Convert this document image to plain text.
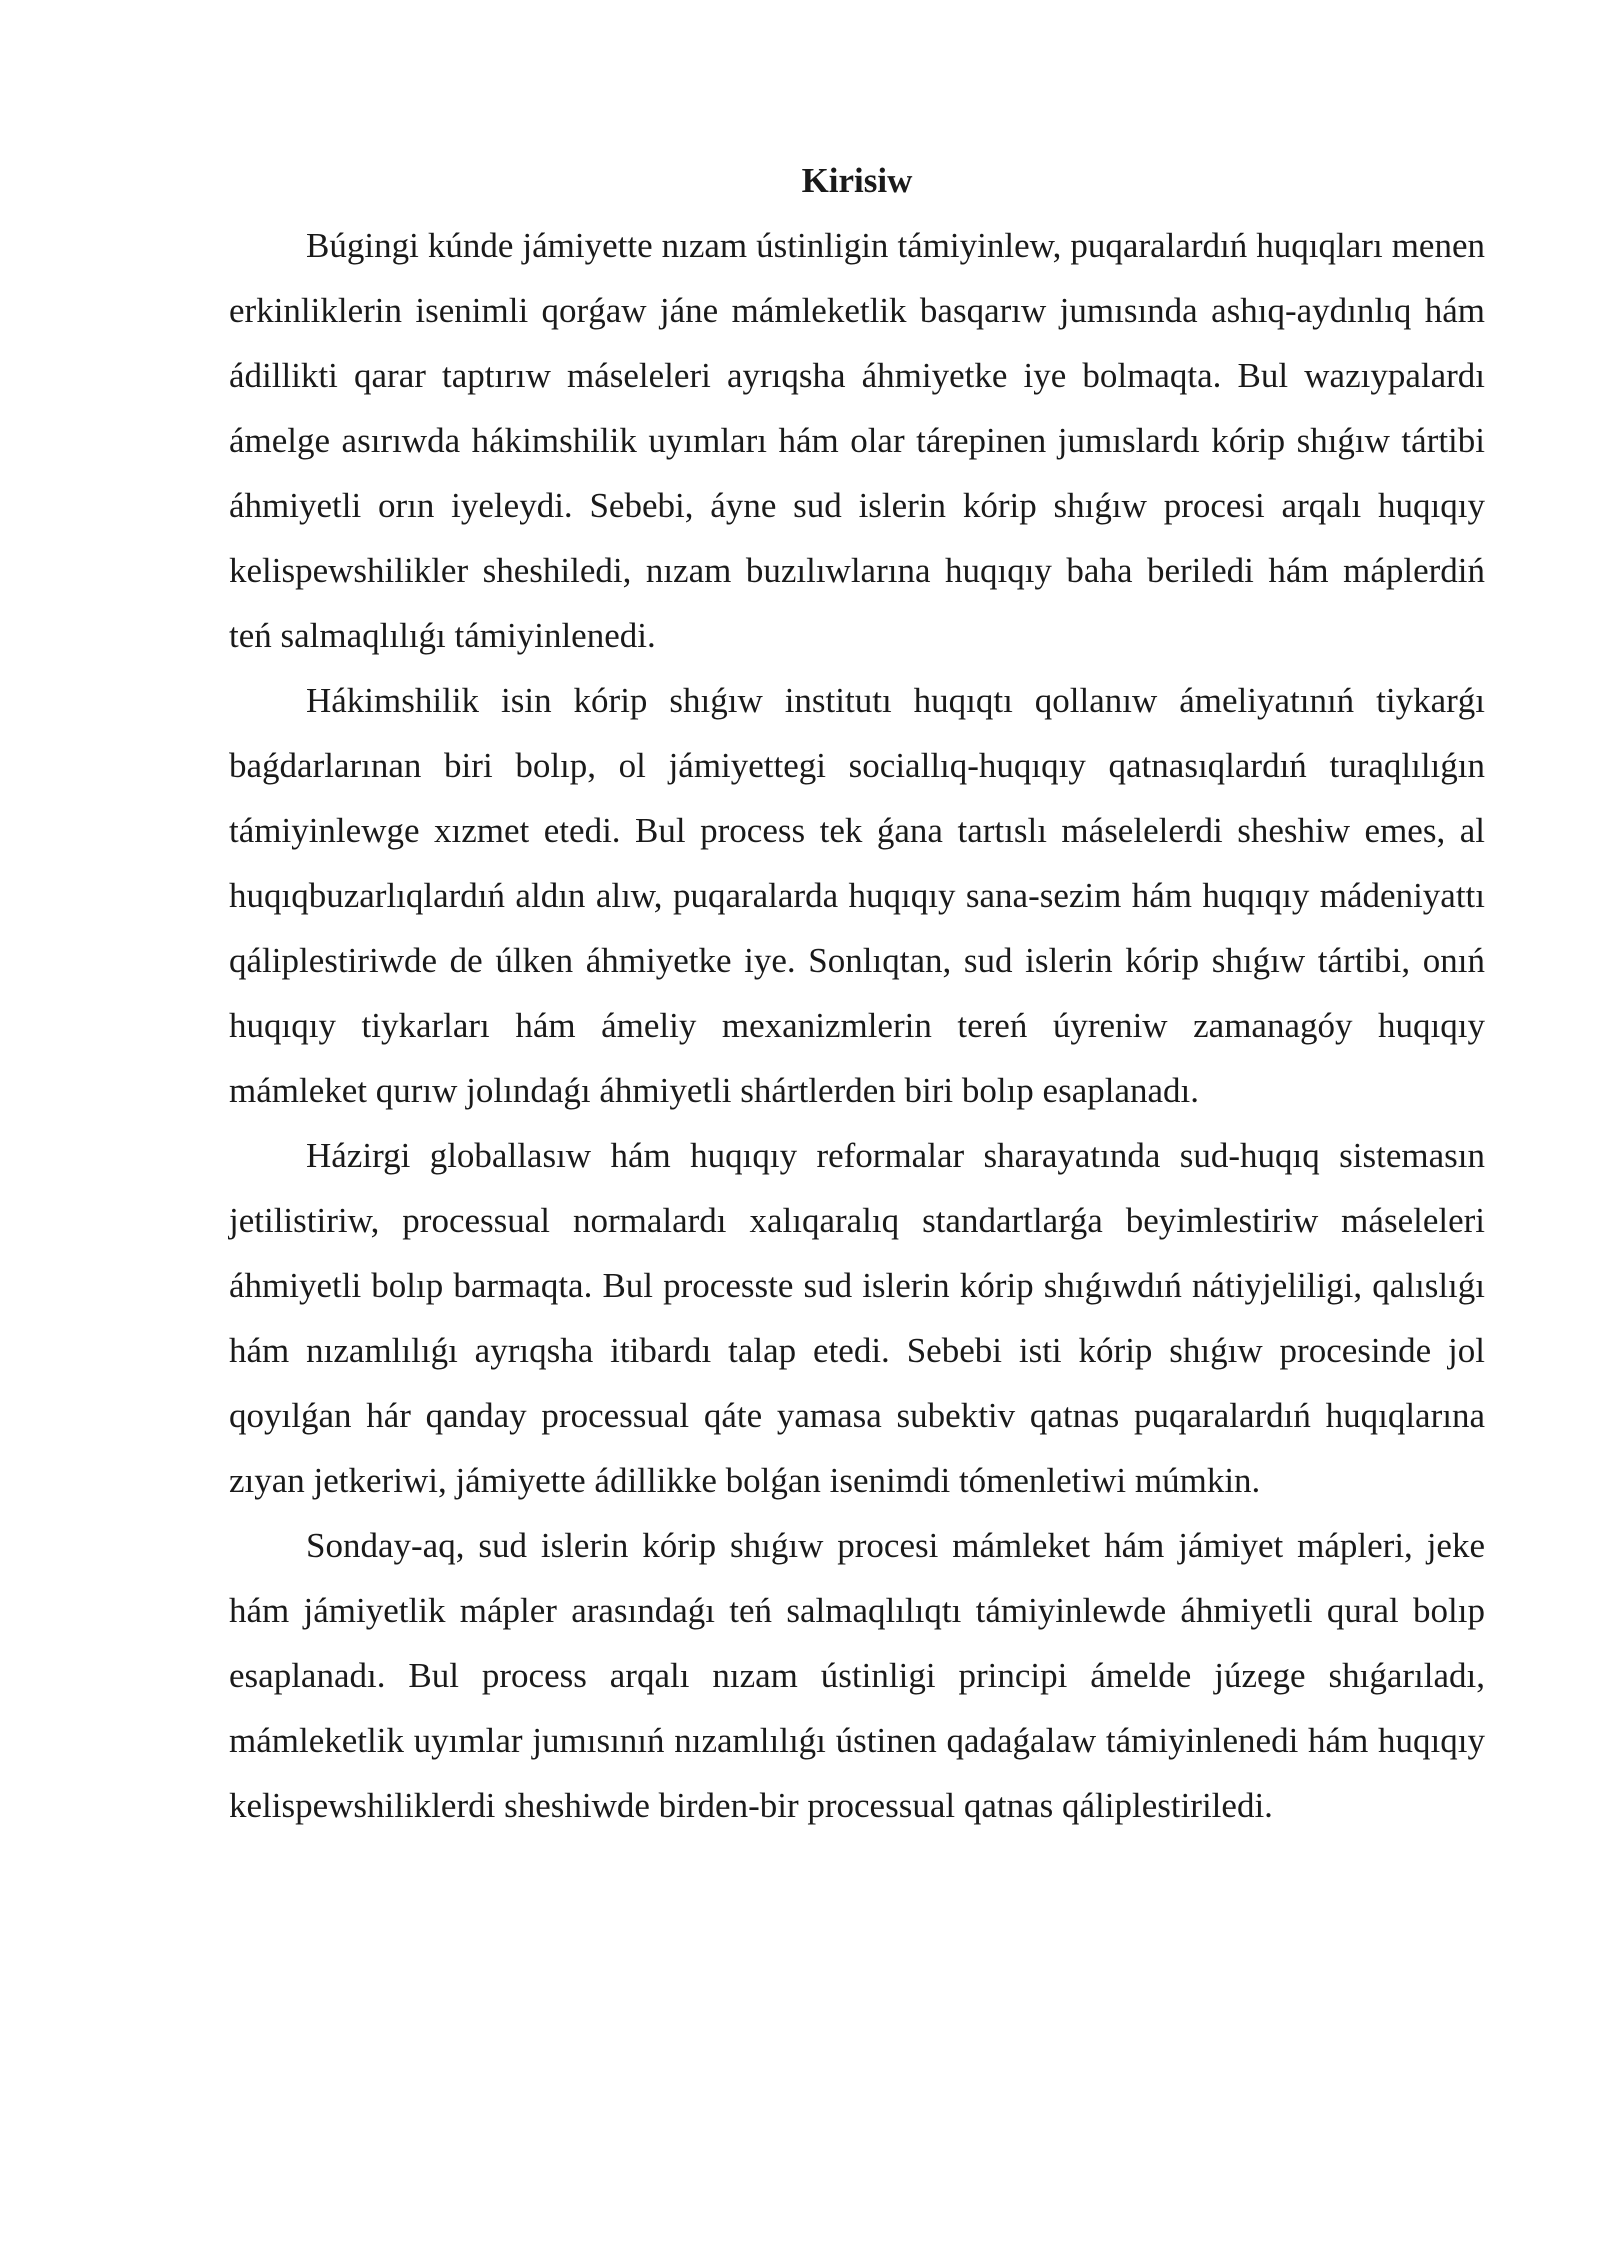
Kirisiw

Búgingi kúnde jámiyette nızam ústinligin támiyinlew, puqaralardıń huqıqları menen erkinliklerin isenimli qorǵaw jáne mámleketlik basqarıw jumısında ashıq-aydınlıq hám ádillikti qarar taptırıw máseleleri ayrıqsha áhmiyetke iye bolmaqta. Bul wazıypalardı ámelge asırıwda hákimshilik uyımları hám olar tárepinen jumıslardı kórip shıǵıw tártibi áhmiyetli orın iyeleydi. Sebebi, áyne sud islerin kórip shıǵıw procesi arqalı huqıqıy kelispewshilikler sheshiledi, nızam buzılıwlarına huqıqıy baha beriledi hám máplerdiń teń salmaqlılıǵı támiyinlenedi.

Hákimshilik isin kórip shıǵıw institutı huqıqtı qollanıw ámeliyatınıń tiykarǵı baǵdarlarınan biri bolıp, ol jámiyettegi sociallıq-huqıqıy qatnasıqlardıń turaqlılıǵın támiyinlewge xızmet etedi. Bul process tek ǵana tartıslı máselelerdi sheshiw emes, al huqıqbuzarlıqlardıń aldın alıw, puqaralarda huqıqıy sana-sezim hám huqıqıy mádeniyattı qáliplestiriwde de úlken áhmiyetke iye. Sonlıqtan, sud islerin kórip shıǵıw tártibi, onıń huqıqıy tiykarları hám ámeliy mexanizmlerin tereń úyreniw zamanagóy huqıqıy mámleket qurıw jolındaǵı áhmiyetli shártlerden biri bolıp esaplanadı.

Házirgi globallasıw hám huqıqıy reformalar sharayatında sud-huqıq sistemasın jetilistiriw, processual normalardı xalıqaralıq standartlarǵa beyimlestiriw máseleleri áhmiyetli bolıp barmaqta. Bul processte sud islerin kórip shıǵıwdıń nátiyjeliligi, qalıslıǵı hám nızamlılıǵı ayrıqsha itibardı talap etedi. Sebebi isti kórip shıǵıw procesinde jol qoyılǵan hár qanday processual qáte yamasa subektiv qatnas puqaralardıń huqıqlarına zıyan jetkeriwi, jámiyette ádillikke bolǵan isenimdi tómenletiwi múmkin.

Sonday-aq, sud islerin kórip shıǵıw procesi mámleket hám jámiyet mápleri, jeke hám jámiyetlik mápler arasındaǵı teń salmaqlılıqtı támiyinlewde áhmiyetli qural bolıp esaplanadı. Bul process arqalı nızam ústinligi principi ámelde júzege shıǵarıladı, mámleketlik uyımlar jumısınıń nızamlılıǵı ústinen qadaǵalaw támiyinlenedi hám huqıqıy kelispewshiliklerdi sheshiwde birden-bir processual qatnas qáliplestiriledi.
